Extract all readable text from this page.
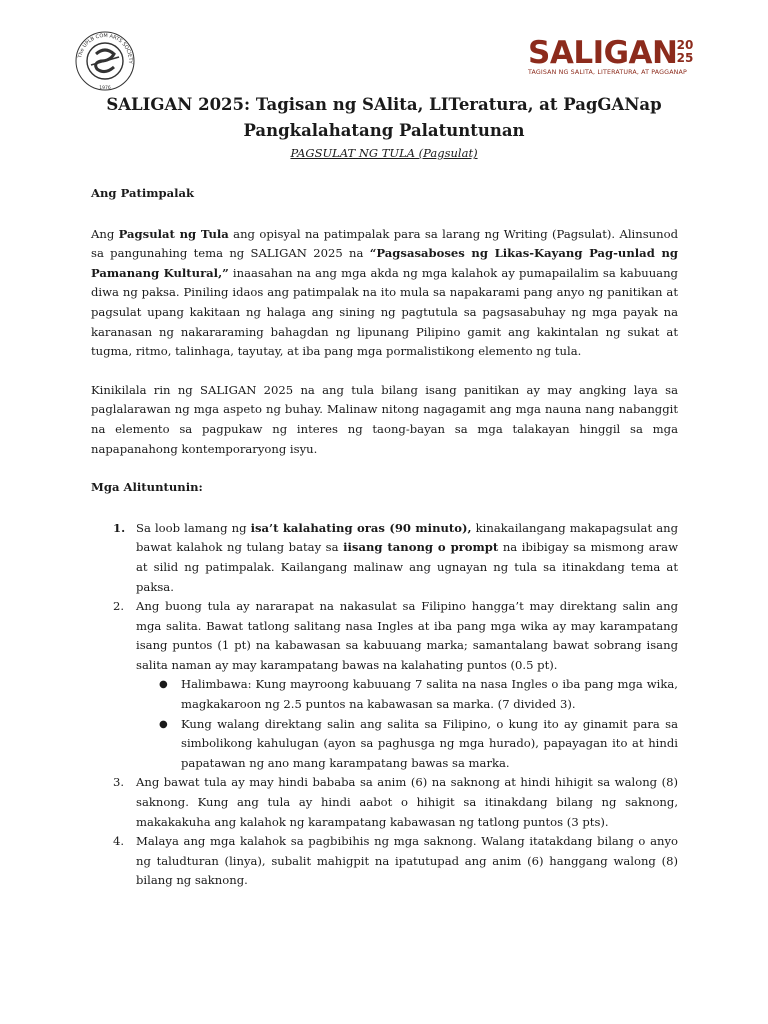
The UPLB COM ARTS SOCIETY
1976
SALIGAN 20
25
TAGISAN NG SALITA, LITERATURA, AT PAGGANAP
SALIGAN 2025: Tagisan ng SAlita, LITeratura, at PagGANap
Pangkalahatang Palatuntunan
PAGSULAT NG TULA (Pagsulat)

Ang Patimpalak

Ang Pagsulat ng Tula ang opisyal na patimpalak para sa larang ng Writing (Pagsulat). Alinsunod sa pangunahing tema ng SALIGAN 2025 na “Pagsasaboses ng Likas-Kayang Pag-unlad ng Pamanang Kultural,” inaasahan na ang mga akda ng mga kalahok ay pumapailalim sa kabuuang diwa ng paksa. Piniling idaos ang patimpalak na ito mula sa napakarami pang anyo ng panitikan at pagsulat upang kakitaan ng halaga ang sining ng pagtutula sa pagsasabuhay ng mga payak na karanasan ng nakararaming bahagdan ng lipunang Pilipino gamit ang kakintalan ng sukat at tugma, ritmo, talinhaga, tayutay, at iba pang mga pormalistikong elemento ng tula.

Kinikilala rin ng SALIGAN 2025 na ang tula bilang isang panitikan ay may angking laya sa paglalarawan ng mga aspeto ng buhay. Malinaw nitong nagagamit ang mga nauna nang nabanggit na elemento sa pagpukaw ng interes ng taong-bayan sa mga talakayan hinggil sa mga napapanahong kontemporaryong isyu.

Mga Alituntunin:

1. Sa loob lamang ng isa’t kalahating oras (90 minuto), kinakailangang makapagsulat ang bawat kalahok ng tulang batay sa iisang tanong o prompt na ibibigay sa mismong araw at silid ng patimpalak. Kailangang malinaw ang ugnayan ng tula sa itinakdang tema at paksa.
2. Ang buong tula ay nararapat na nakasulat sa Filipino hangga’t may direktang salin ang mga salita. Bawat tatlong salitang nasa Ingles at iba pang mga wika ay may karampatang isang puntos (1 pt) na kabawasan sa kabuuang marka; samantalang bawat sobrang isang salita naman ay may karampatang bawas na kalahating puntos (0.5 pt).
● Halimbawa: Kung mayroong kabuuang 7 salita na nasa Ingles o iba pang mga wika, magkakaroon ng 2.5 puntos na kabawasan sa marka. (7 divided 3).
● Kung walang direktang salin ang salita sa Filipino, o kung ito ay ginamit para sa simbolikong kahulugan (ayon sa paghusga ng mga hurado), papayagan ito at hindi papatawan ng ano mang karampatang bawas sa marka.
3. Ang bawat tula ay may hindi bababa sa anim (6) na saknong at hindi hihigit sa walong (8) saknong. Kung ang tula ay hindi aabot o hihigit sa itinakdang bilang ng saknong, makakakuha ang kalahok ng karampatang kabawasan ng tatlong puntos (3 pts).
4. Malaya ang mga kalahok sa pagbibihis ng mga saknong. Walang itatakdang bilang o anyo ng taludturan (linya), subalit mahigpit na ipatutupad ang anim (6) hanggang walong (8) bilang ng saknong.
